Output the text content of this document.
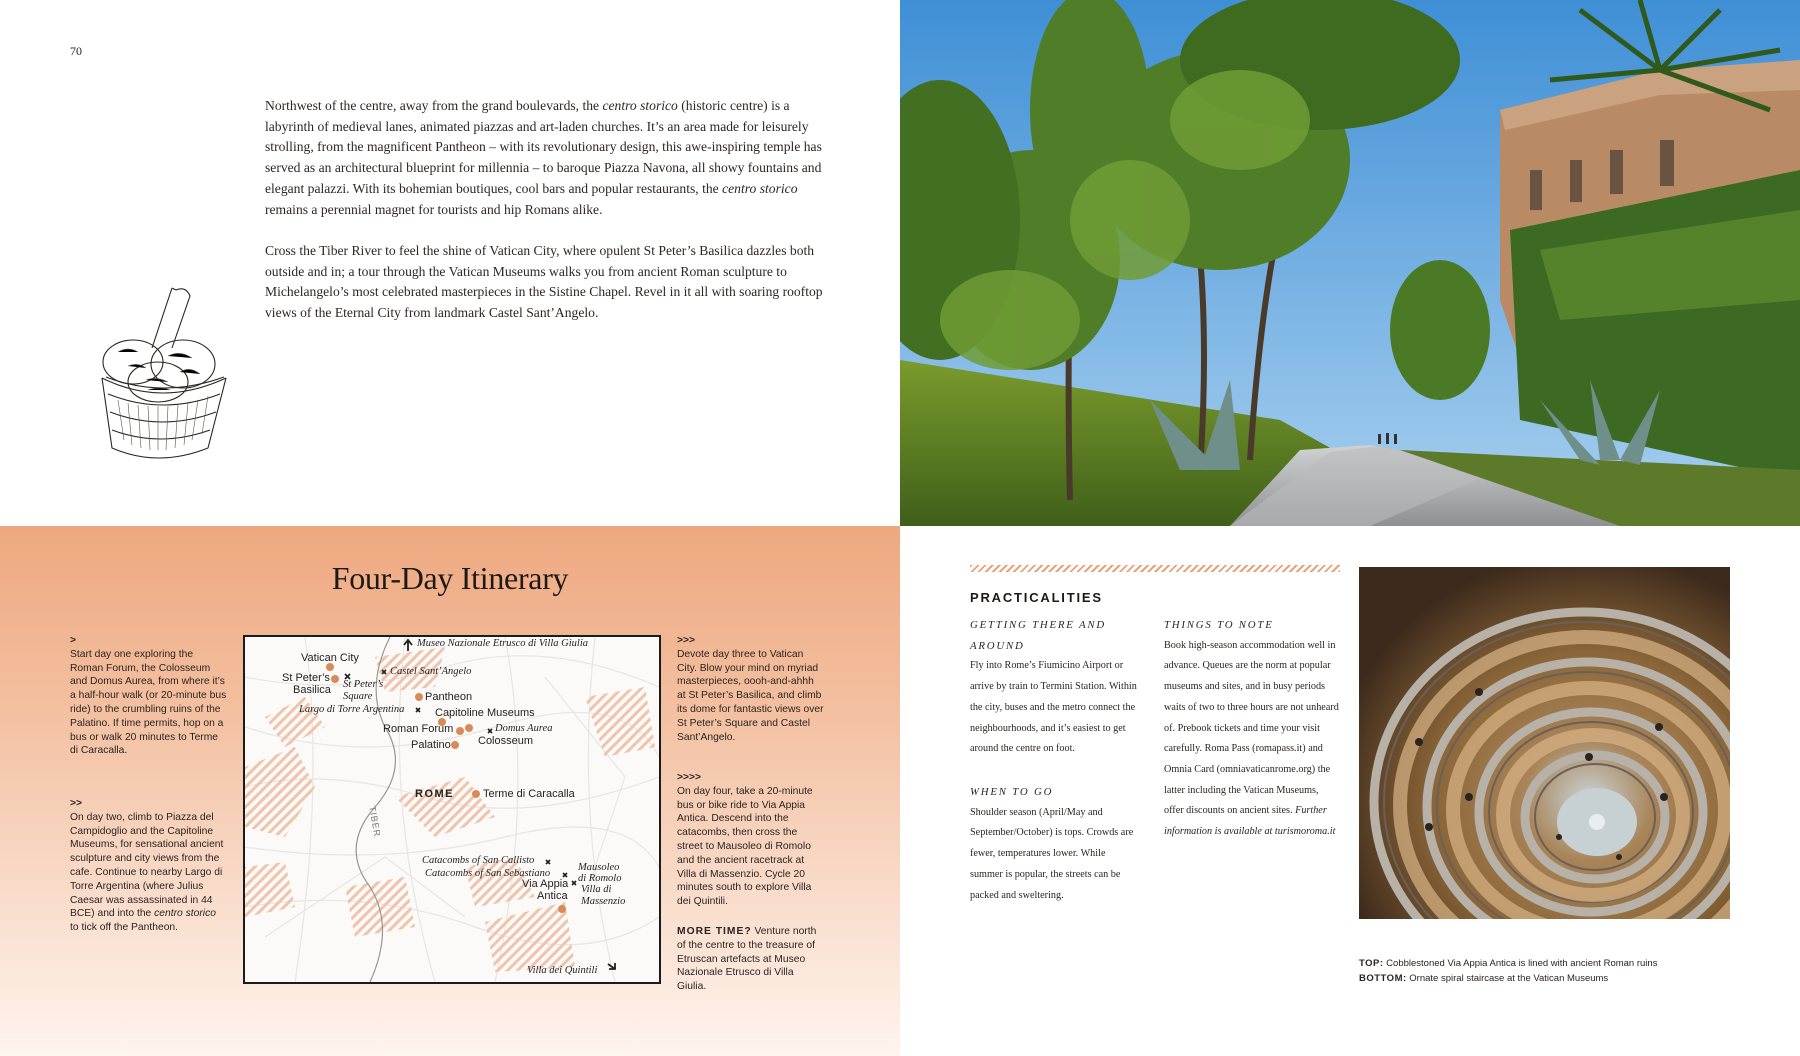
70

Northwest of the centre, away from the grand boulevards, the centro storico (historic centre) is a labyrinth of medieval lanes, animated piazzas and art-laden churches. It’s an area made for leisurely strolling, from the magnificent Pantheon – with its revolutionary design, this awe-inspiring temple has served as an architectural blueprint for millennia – to baroque Piazza Navona, all showy fountains and elegant palazzi. With its bohemian boutiques, cool bars and popular restaurants, the centro storico remains a perennial magnet for tourists and hip Romans alike.

Cross the Tiber River to feel the shine of Vatican City, where opulent St Peter’s Basilica dazzles both outside and in; a tour through the Vatican Museums walks you from ancient Roman sculpture to Michelangelo’s most celebrated masterpieces in the Sistine Chapel. Revel in it all with soaring rooftop views of the Eternal City from landmark Castel Sant’Angelo.

Four-Day Itinerary

>
Start day one exploring the Roman Forum, the Colosseum and Domus Aurea, from where it’s a half-hour walk (or 20-minute bus ride) to the crumbling ruins of the Palatino. If time permits, hop on a bus or walk 20 minutes to Terme di Caracalla.

>>
On day two, climb to Piazza del Campidoglio and the Capitoline Museums, for sensational ancient sculpture and city views from the cafe. Continue to nearby Largo di Torre Argentina (where Julius Caesar was assassinated in 44 BCE) and into the centro storico to tick off the Pantheon.

>>>
Devote day three to Vatican City. Blow your mind on myriad masterpieces, oooh-and-ahhh at St Peter’s Basilica, and climb its dome for fantastic views over St Peter’s Square and Castel Sant’Angelo.

>>>>
On day four, take a 20-minute bus or bike ride to Via Appia Antica. Descend into the catacombs, then cross the street to Mausoleo di Romolo and the ancient racetrack at Villa di Massenzio. Cycle 20 minutes south to explore Villa dei Quintili.

MORE TIME? Venture north of the centre to the treasure of Etruscan artefacts at Museo Nazionale Etrusco di Villa Giulia.

Museo Nazionale Etrusco di Villa Giulia
Vatican City
St Peter’s
Basilica St Peter’s
Square
Castel Sant’Angelo
Pantheon
Largo di Torre Argentina	Capitoline Museums
Roman Forum	Domus Aurea
Palatino Colosseum
ROME	Terme di Caracalla
TIBER
Catacombs of San Callisto
Catacombs of San Sebastiano
Mausoleo
di Romolo
Via Appia
Antica
Villa di
Massenzio
Villa dei Quintili
PRACTICALITIES
GETTING THERE AND AROUND

Fly into Rome’s Fiumicino Airport or arrive by train to Termini Station. Within the city, buses and the metro connect the neighbourhoods, and it’s easiest to get around the centre on foot.

WHEN TO GO

Shoulder season (April/May and September/October) is tops. Crowds are fewer, temperatures lower. While summer is popular, the streets can be packed and sweltering.

THINGS TO NOTE

Book high-season accommodation well in advance. Queues are the norm at popular museums and sites, and in busy periods waits of two to three hours are not unheard of. Prebook tickets and time your visit carefully. Roma Pass (romapass.it) and Omnia Card (omniavaticanrome.org) the latter including the Vatican Museums, offer discounts on ancient sites. Further information is available at turismoroma.it

TOP: Cobblestoned Via Appia Antica is lined with ancient Roman ruins
BOTTOM: Ornate spiral staircase at the Vatican Museums
